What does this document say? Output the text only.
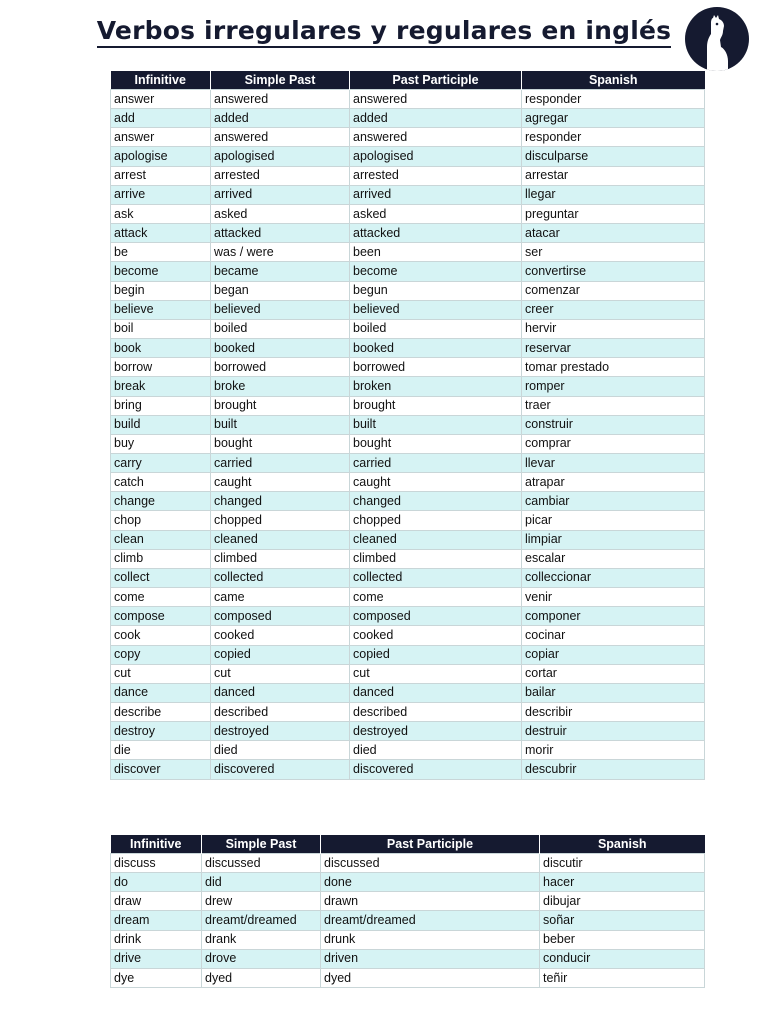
Verbos irregulares y regulares en inglés
Infinitive	Simple Past	Past Participle	Spanish
answer	answered	answered	responder
add	added	added	agregar
answer	answered	answered	responder
apologise	apologised	apologised	disculparse
arrest	arrested	arrested	arrestar
arrive	arrived	arrived	llegar
ask	asked	asked	preguntar
attack	attacked	attacked	atacar
be	was / were	been	ser
become	became	become	convertirse
begin	began	begun	comenzar
believe	believed	believed	creer
boil	boiled	boiled	hervir
book	booked	booked	reservar
borrow	borrowed	borrowed	tomar prestado
break	broke	broken	romper
bring	brought	brought	traer
build	built	built	construir
buy	bought	bought	comprar
carry	carried	carried	llevar
catch	caught	caught	atrapar
change	changed	changed	cambiar
chop	chopped	chopped	picar
clean	cleaned	cleaned	limpiar
climb	climbed	climbed	escalar
collect	collected	collected	colleccionar
come	came	come	venir
compose	composed	composed	componer
cook	cooked	cooked	cocinar
copy	copied	copied	copiar
cut	cut	cut	cortar
dance	danced	danced	bailar
describe	described	described	describir
destroy	destroyed	destroyed	destruir
die	died	died	morir
discover	discovered	discovered	descubrir
Infinitive	Simple Past	Past Participle	Spanish
discuss	discussed	discussed	discutir
do	did	done	hacer
draw	drew	drawn	dibujar
dream	dreamt/dreamed	dreamt/dreamed	soñar
drink	drank	drunk	beber
drive	drove	driven	conducir
dye	dyed	dyed	teñir
